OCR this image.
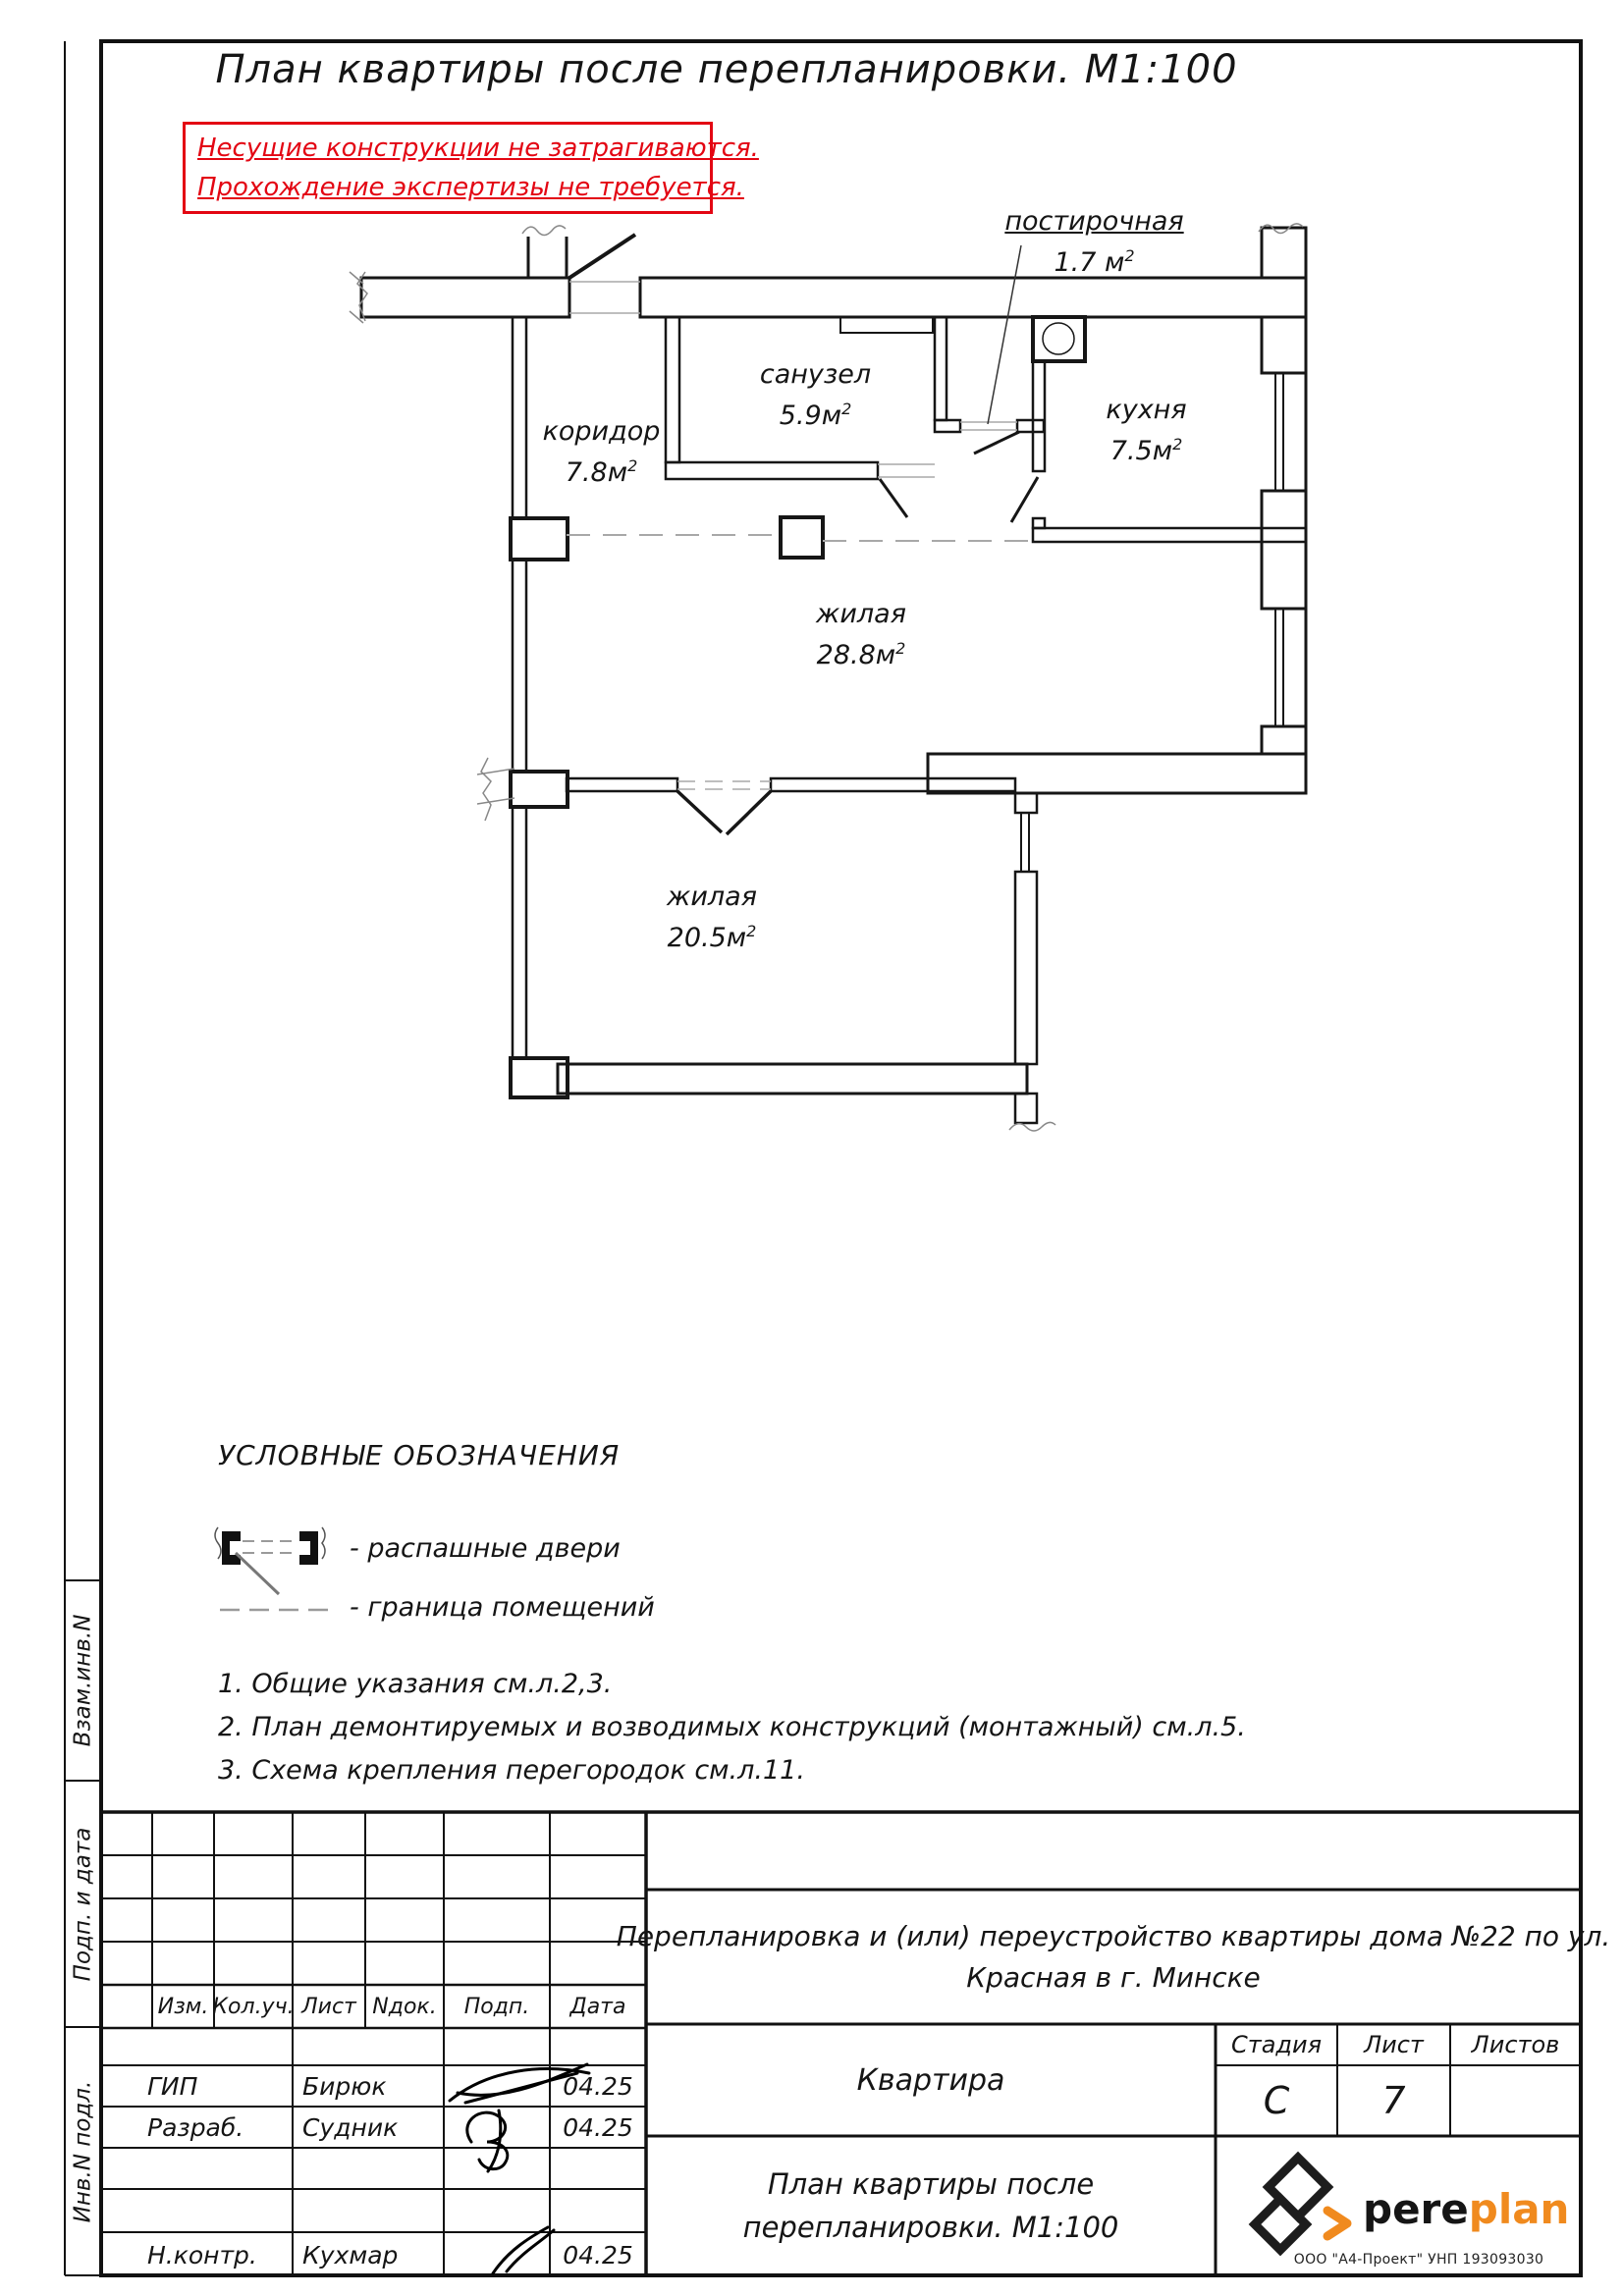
План квартиры после перепланировки. М1:100
Несущие конструкции не затрагиваются.
Прохождение экспертизы не требуется.
постирочная
1.7 $м^2$
санузел
$5.9м^2$	кухня
$7.5м^2$
коридор
$7.8м^2$
жилая
$28.8м^2$
жилая
$20.5м^2$
УСЛОВНЫЕ ОБОЗНАЧЕНИЯ
- распашные двери
- граница помещений
1. Общие указания см.л.2,3.
2. План демонтируемых и возводимых конструкций (монтажный) см.л.5.
3. Схема крепления перегородок см.л.11.
Взам.инв.N
Подп. и дата
Инв.N подл.
Изм. Кол.уч. Лист Nдок.	Подп.	Дата
ГИП	Бирюк	04.25
Разраб.	Судник	04.25
Н.контр.	Кухмар	04.25
Перепланировка и (или) переустройство квартиры дома №22 по ул.
Красная в г. Минске
Квартира
Стадия	Лист	Листов
С	7
План квартиры после
перепланировки. М1:100	pereplan
ООО "А4-Проект" УНП 193093030
